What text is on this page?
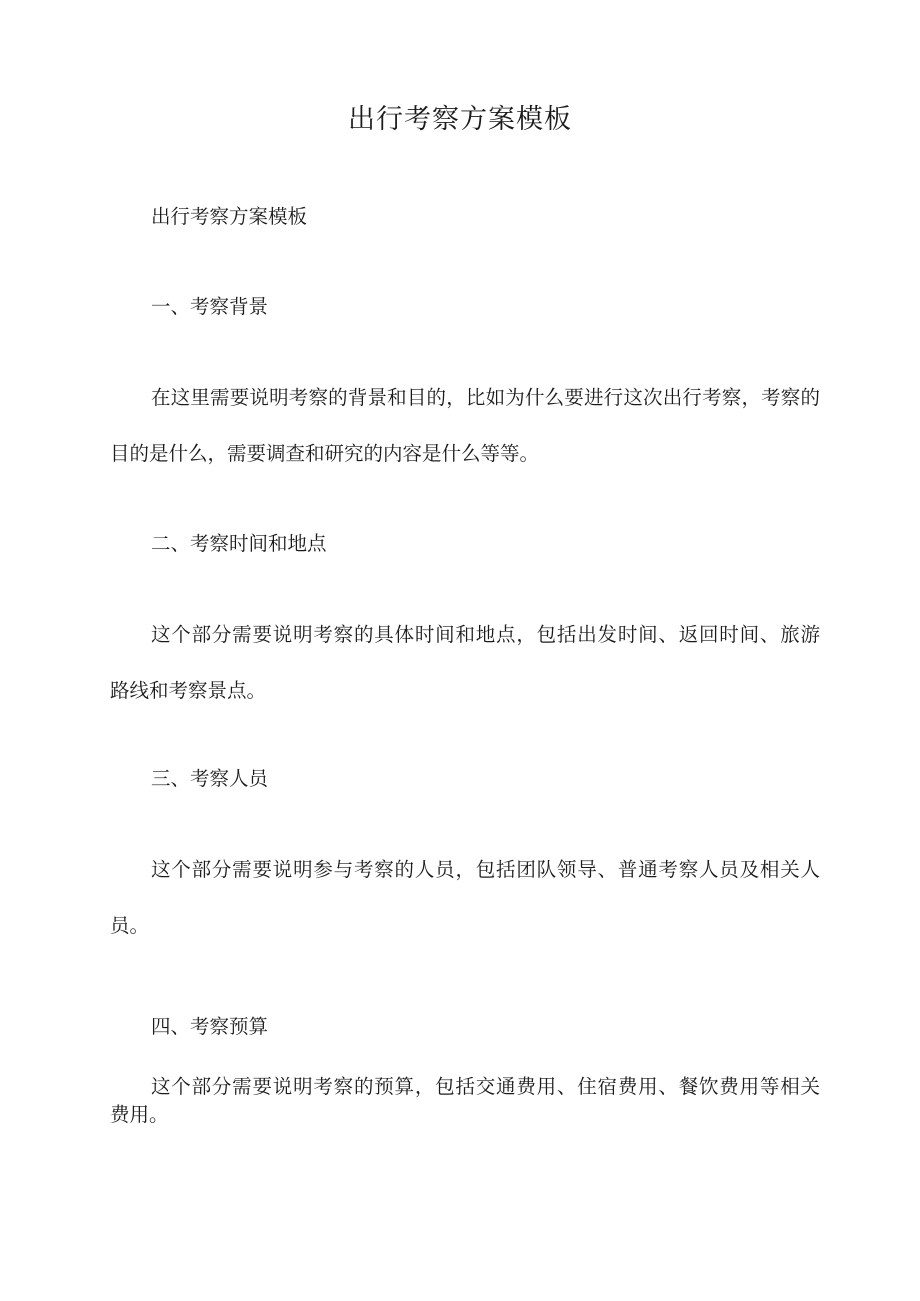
出行考察方案模板
出行考察方案模板
一、考察背景
在这里需要说明考察的背景和目的，比如为什么要进行这次出行考察，考察的
目的是什么，需要调查和研究的内容是什么等等。
二、考察时间和地点
这个部分需要说明考察的具体时间和地点，包括出发时间、返回时间、旅游
路线和考察景点。
三、考察人员
这个部分需要说明参与考察的人员，包括团队领导、普通考察人员及相关人
员。
四、考察预算
这个部分需要说明考察的预算，包括交通费用、住宿费用、餐饮费用等相关
费用。
